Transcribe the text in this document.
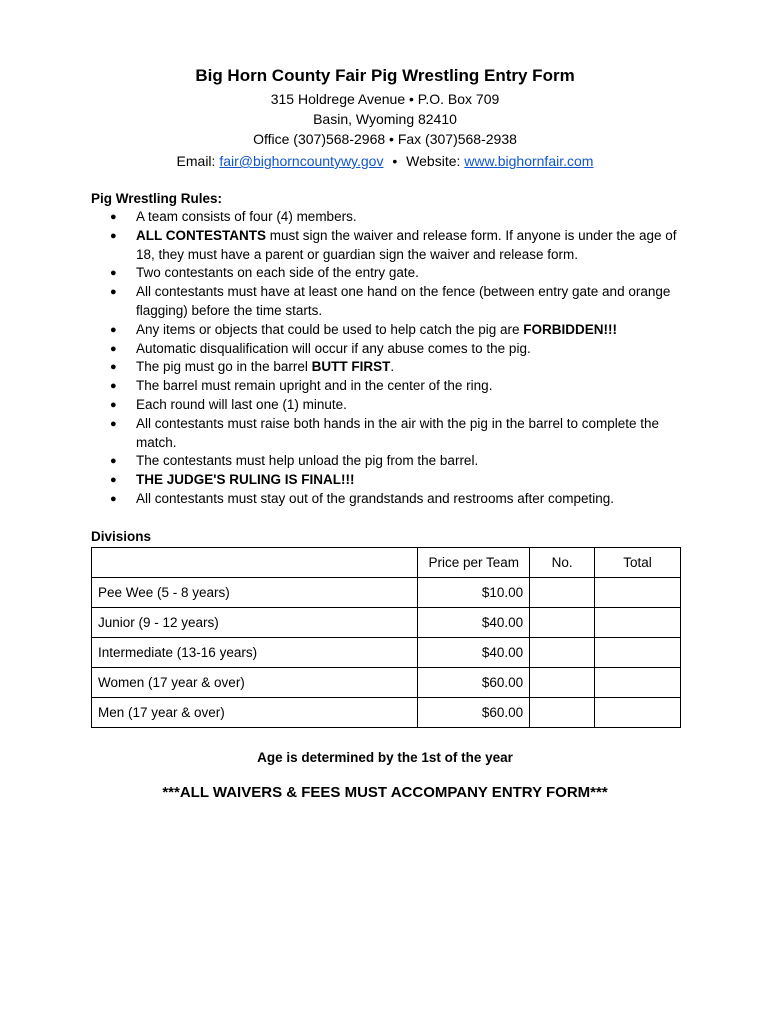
Big Horn County Fair Pig Wrestling Entry Form
315 Holdrege Avenue • P.O. Box 709
Basin, Wyoming 82410
Office (307)568-2968 • Fax (307)568-2938
Email: fair@bighorncountywy.gov • Website: www.bighornfair.com
Pig Wrestling Rules:
● A team consists of four (4) members.
● ALL CONTESTANTS must sign the waiver and release form. If anyone is under the age of 18, they must have a parent or guardian sign the waiver and release form.
● Two contestants on each side of the entry gate.
● All contestants must have at least one hand on the fence (between entry gate and orange flagging) before the time starts.
● Any items or objects that could be used to help catch the pig are FORBIDDEN!!!
● Automatic disqualification will occur if any abuse comes to the pig.
● The pig must go in the barrel BUTT FIRST.
● The barrel must remain upright and in the center of the ring.
● Each round will last one (1) minute.
● All contestants must raise both hands in the air with the pig in the barrel to complete the match.
● The contestants must help unload the pig from the barrel.
● THE JUDGE'S RULING IS FINAL!!!
● All contestants must stay out of the grandstands and restrooms after competing.
Divisions
	Price per Team	No.	Total
Pee Wee (5 - 8 years)	$10.00		
Junior (9 - 12 years)	$40.00		
Intermediate (13-16 years)	$40.00		
Women (17 year & over)	$60.00		
Men (17 year & over)	$60.00		
Age is determined by the 1st of the year
***ALL WAIVERS & FEES MUST ACCOMPANY ENTRY FORM***
